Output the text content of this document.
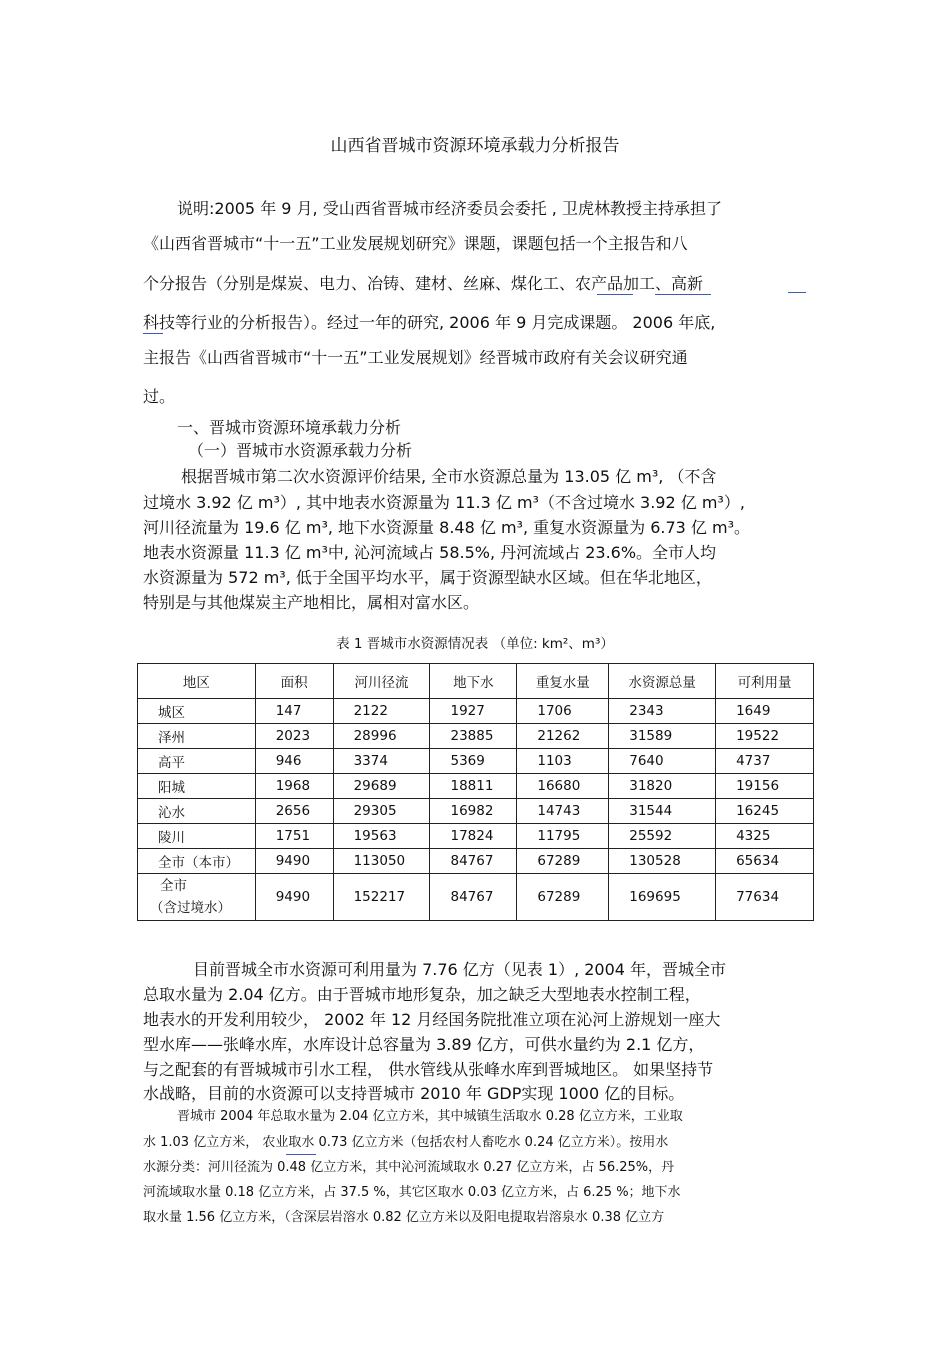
山西省晋城市资源环境承载力分析报告
说明:2005 年 9 月, 受山西省晋城市经济委员会委托 , 卫虎林教授主持承担了
《山西省晋城市“十一五”工业发展规划研究》课题，课题包括一个主报告和八
个分报告（分别是煤炭、电力、冶铸、建材、丝麻、煤化工、农产品加工、高新
科技等行业的分析报告）。经过一年的研究, 2006 年 9 月完成课题。 2006 年底,
主报告《山西省晋城市“十一五”工业发展规划》经晋城市政府有关会议研究通
过。
一、晋城市资源环境承载力分析
（一）晋城市水资源承载力分析
根据晋城市第二次水资源评价结果, 全市水资源总量为 13.05 亿 m³, （不含
过境水 3.92 亿 m³）, 其中地表水资源量为 11.3 亿 m³（不含过境水 3.92 亿 m³）,
河川径流量为 19.6 亿 m³, 地下水资源量 8.48 亿 m³, 重复水资源量为 6.73 亿 m³。
地表水资源量 11.3 亿 m³中, 沁河流域占 58.5%, 丹河流域占 23.6%。全市人均
水资源量为 572 m³, 低于全国平均水平，属于资源型缺水区域。但在华北地区，
特别是与其他煤炭主产地相比，属相对富水区。
表 1 晋城市水资源情况表 （单位: km²、m³）
地区	面积	河川径流	地下水	重复水量	水资源总量	可利用量
城区	147	2122	1927	1706	2343	1649
泽州	2023	28996	23885	21262	31589	19522
高平	946	3374	5369	1103	7640	4737
阳城	1968	29689	18811	16680	31820	19156
沁水	2656	29305	16982	14743	31544	16245
陵川	1751	19563	17824	11795	25592	4325
全市（本市）	9490	113050	84767	67289	130528	65634

全市
（含过境水）	9490	152217	84767	67289	169695	77634
目前晋城全市水资源可利用量为 7.76 亿方（见表 1）, 2004 年，晋城全市
总取水量为 2.04 亿方。由于晋城市地形复杂，加之缺乏大型地表水控制工程，
地表水的开发利用较少， 2002 年 12 月经国务院批准立项在沁河上游规划一座大
型水库——张峰水库，水库设计总容量为 3.89 亿方，可供水量约为 2.1 亿方，
与之配套的有晋城城市引水工程， 供水管线从张峰水库到晋城地区。 如果坚持节
水战略，目前的水资源可以支持晋城市 2010 年 GDP实现 1000 亿的目标。
晋城市 2004 年总取水量为 2.04 亿立方米，其中城镇生活取水 0.28 亿立方米，工业取
水 1.03 亿立方米， 农业取水 0.73 亿立方米（包括农村人畜吃水 0.24 亿立方米）。按用水
水源分类：河川径流为 0.48 亿立方米，其中沁河流域取水 0.27 亿立方米，占 56.25%，丹
河流域取水量 0.18 亿立方米，占 37.5 %，其它区取水 0.03 亿立方米，占 6.25 %；地下水
取水量 1.56 亿立方米，（含深层岩溶水 0.82 亿立方米以及阳电提取岩溶泉水 0.38 亿立方
